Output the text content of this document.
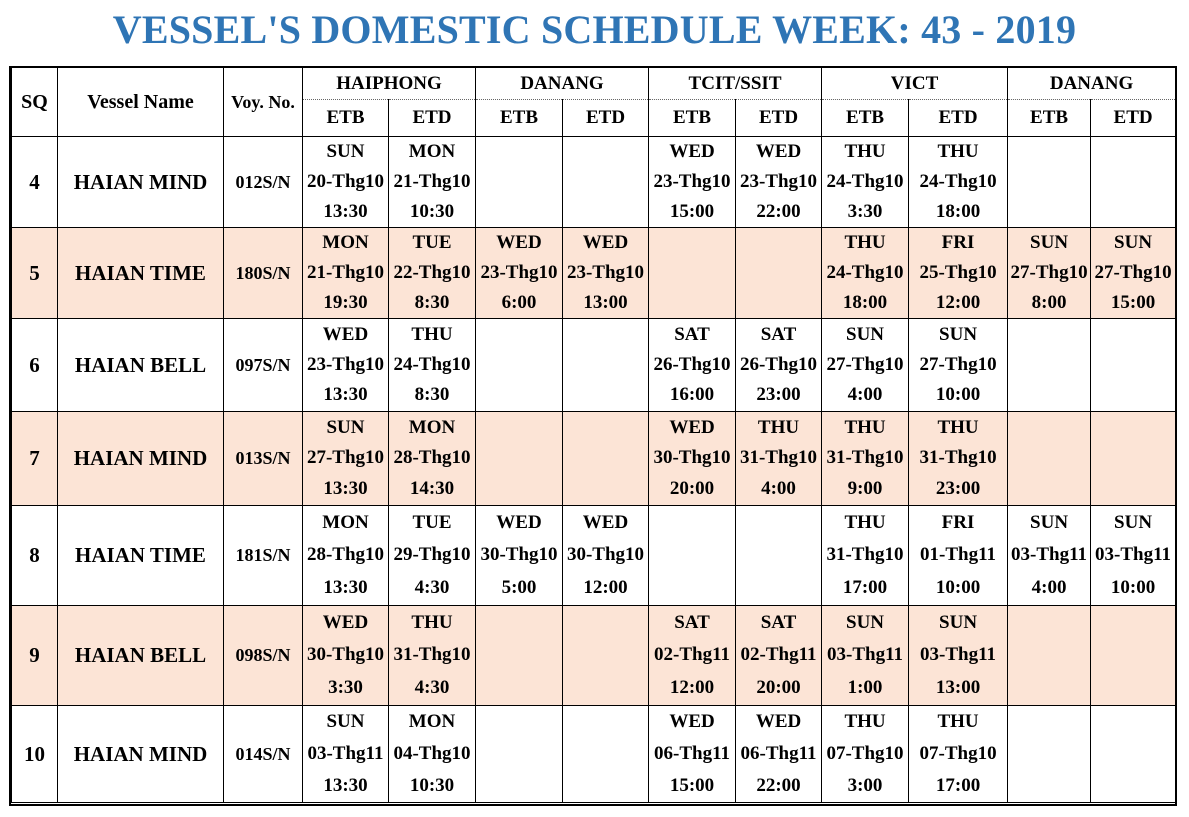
VESSEL'S DOMESTIC SCHEDULE WEEK: 43 - 2019
SQ	Vessel Name	Voy. No.	HAIPHONG		DANANG		TCIT/SSIT		VICT		DANANG	
			ETB	ETD	ETB	ETD	ETB	ETD	ETB	ETD	ETB	ETD
4	HAIAN MIND	012S/N	SUN
20-Thg10
13:30	MON
21-Thg10
10:30			WED
23-Thg10
15:00	WED
23-Thg10
22:00	THU
24-Thg10
3:30	THU
24-Thg10
18:00		

5	HAIAN TIME	180S/N	MON
21-Thg10
19:30	TUE
22-Thg10
8:30	WED
23-Thg10
6:00	WED
23-Thg10
13:00			THU
24-Thg10
18:00	FRI
25-Thg10
12:00	SUN
27-Thg10
8:00	SUN
27-Thg10
15:00

6	HAIAN BELL	097S/N	WED
23-Thg10
13:30	THU
24-Thg10
8:30			SAT
26-Thg10
16:00	SAT
26-Thg10
23:00	SUN
27-Thg10
4:00	SUN
27-Thg10
10:00		

7	HAIAN MIND	013S/N	SUN
27-Thg10
13:30	MON
28-Thg10
14:30			WED
30-Thg10
20:00	THU
31-Thg10
4:00	THU
31-Thg10
9:00	THU
31-Thg10
23:00		

8	HAIAN TIME	181S/N	MON
28-Thg10
13:30	TUE
29-Thg10
4:30	WED
30-Thg10
5:00	WED
30-Thg10
12:00			THU
31-Thg10
17:00	FRI
01-Thg11
10:00	SUN
03-Thg11
4:00	SUN
03-Thg11
10:00

9	HAIAN BELL	098S/N	WED
30-Thg10
3:30	THU
31-Thg10
4:30			SAT
02-Thg11
12:00	SAT
02-Thg11
20:00	SUN
03-Thg11
1:00	SUN
03-Thg11
13:00		

10	HAIAN MIND	014S/N	SUN
03-Thg11
13:30	MON
04-Thg10
10:30			WED
06-Thg11
15:00	WED
06-Thg11
22:00	THU
07-Thg10
3:00	THU
07-Thg10
17:00		
